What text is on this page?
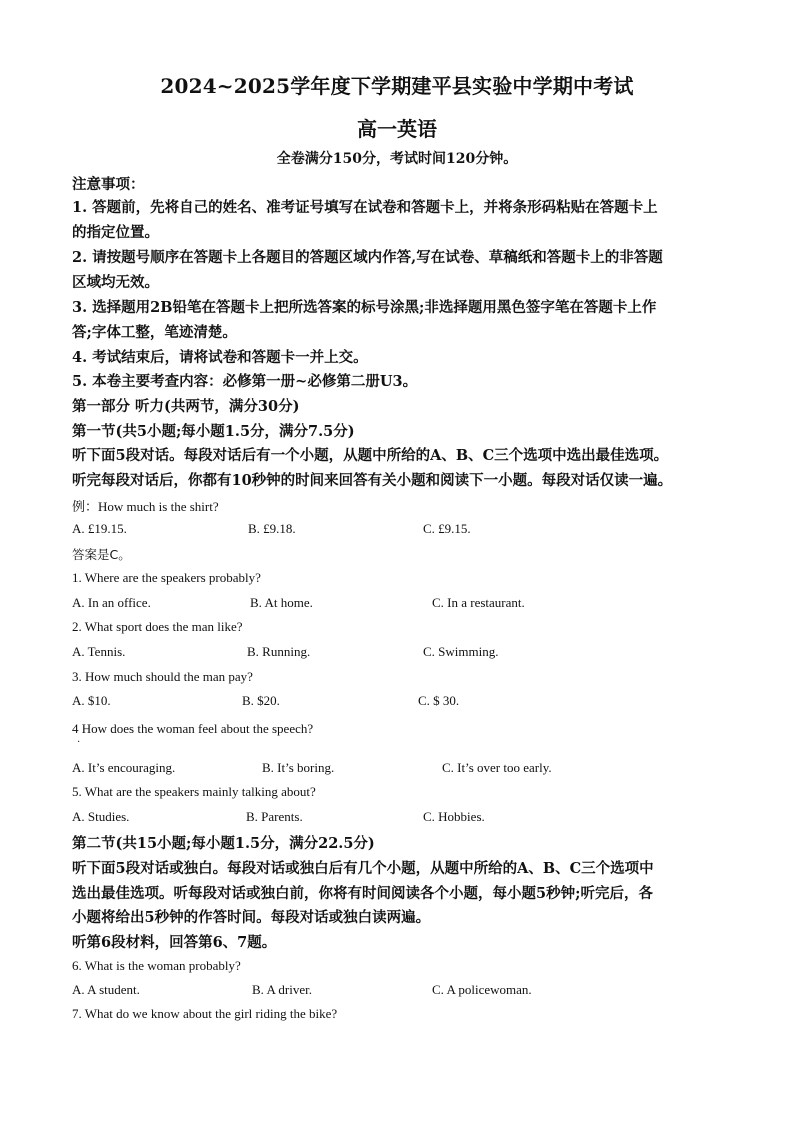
2024~2025学年度下学期建平县实验中学期中考试
高一英语
全卷满分150分，考试时间120分钟。
注意事项：
1. 答题前，先将自己的姓名、准考证号填写在试卷和答题卡上，并将条形码粘贴在答题卡上
的指定位置。
2. 请按题号顺序在答题卡上各题目的答题区域内作答,写在试卷、草稿纸和答题卡上的非答题
区域均无效。
3. 选择题用2B铅笔在答题卡上把所选答案的标号涂黑;非选择题用黑色签字笔在答题卡上作
答;字体工整，笔迹清楚。
4. 考试结束后，请将试卷和答题卡一并上交。
5. 本卷主要考查内容：必修第一册~必修第二册U3。
第一部分 听力(共两节，满分30分)
第一节(共5小题;每小题1.5分，满分7.5分)
听下面5段对话。每段对话后有一个小题，从题中所给的A、B、C三个选项中选出最佳选项。
听完每段对话后，你都有10秒钟的时间来回答有关小题和阅读下一小题。每段对话仅读一遍。
例：How much is the shirt?
A. £19.15.	B. £9.18.	C. £9.15.
答案是C。
1. Where are the speakers probably?
A. In an office.	B. At home.	C. In a restaurant.
2. What sport does the man like?
A. Tennis.	B. Running.	C. Swimming.
3. How much should the man pay?
A. $10.	B. $20.	C. $ 30.
4 How does the woman feel about the speech?
·
A. It’s encouraging.	B. It’s boring.	C. It’s over too early.
5. What are the speakers mainly talking about?
A. Studies.	B. Parents.	C. Hobbies.
第二节(共15小题;每小题1.5分，满分22.5分)
听下面5段对话或独白。每段对话或独白后有几个小题，从题中所给的A、B、C三个选项中
选出最佳选项。听每段对话或独白前，你将有时间阅读各个小题，每小题5秒钟;听完后，各
小题将给出5秒钟的作答时间。每段对话或独白读两遍。
听第6段材料，回答第6、7题。
6. What is the woman probably?
A. A student.	B. A driver.	C. A policewoman.
7. What do we know about the girl riding the bike?
